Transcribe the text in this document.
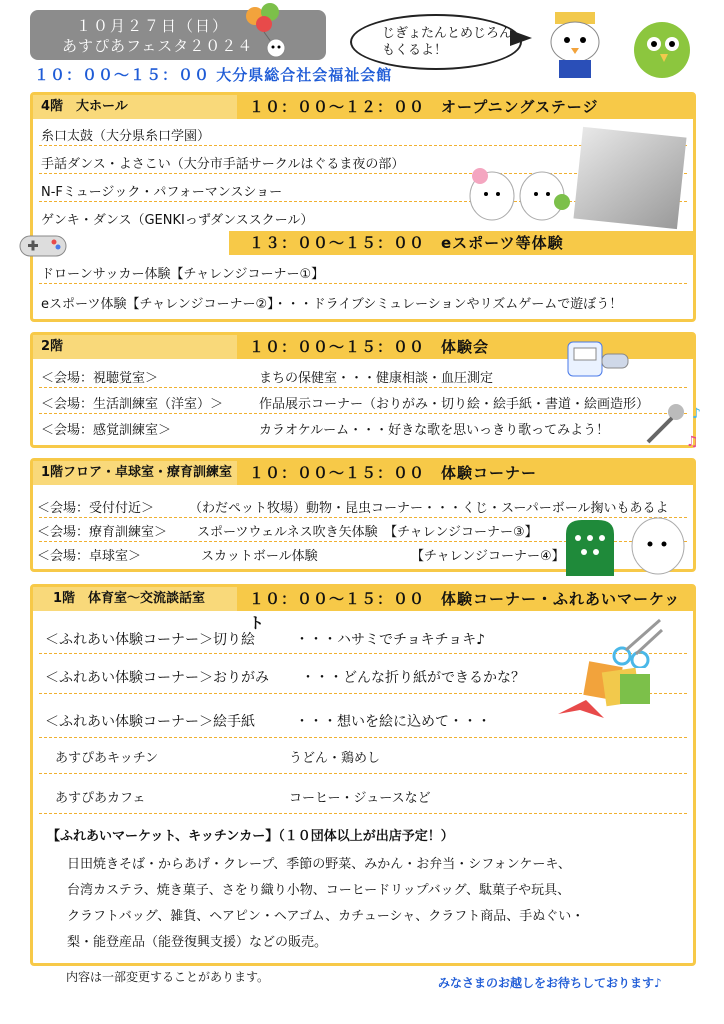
１０月２７日（日）
あすぴあフェスタ２０２４
１０：００～１５：００ 大分県総合社会福祉会館
じぎょたんとめじろん
もくるよ！
4階　大ホール	１０：００～１２：００　オープニングステージ
糸口太鼓（大分県糸口学園）
手話ダンス・よさこい（大分市手話サークルはぐるま夜の部）
N-Fミュージック・パフォーマンスショー
ゲンキ・ダンス（GENKIっずダンススクール）
１３：００～１５：００　eスポーツ等体験
ドローンサッカー体験【チャレンジコーナー①】
eスポーツ体験【チャレンジコーナー②】・・・ドライブシミュレーションやリズムゲームで遊ぼう！
2階	１０：００～１５：００　体験会
＜会場：視聴覚室＞	まちの保健室・・・健康相談・血圧測定
＜会場：生活訓練室（洋室）＞	作品展示コーナー（おりがみ・切り絵・絵手紙・書道・絵画造形）
＜会場：感覚訓練室＞	カラオケルーム・・・好きな歌を思いっきり歌ってみよう！
♪
♫
1階フロア・卓球室・療育訓練室	１０：００～１５：００　体験コーナー
＜会場：受付付近＞	（わだペット牧場）動物・昆虫コーナー・・・くじ・スーパーボール掬いもあるよ
＜会場：療育訓練室＞ スポーツウェルネス吹き矢体験　【チャレンジコーナー③】
＜会場：卓球室＞	スカットボール体験	【チャレンジコーナー④】
1階　体育室～交流談話室	１０：００～１５：００　体験コーナー・ふれあいマーケット
＜ふれあい体験コーナー＞切り絵	・・・ハサミでチョキチョキ♪
＜ふれあい体験コーナー＞おりがみ ・・・どんな折り紙ができるかな？
＜ふれあい体験コーナー＞絵手紙	・・・想いを絵に込めて・・・
あすぴあキッチン	うどん・鶏めし
あすぴあカフェ	コーヒー・ジュースなど
【ふれあいマーケット、キッチンカー】（１０団体以上が出店予定！）
日田焼きそば・からあげ・クレープ、季節の野菜、みかん・お弁当・シフォンケーキ、
台湾カステラ、焼き菓子、さをり織り小物、コーヒードリップバッグ、駄菓子や玩具、
クラフトバッグ、雑貨、ヘアピン・ヘアゴム、カチューシャ、クラフト商品、手ぬぐい・
梨・能登産品（能登復興支援）などの販売。
内容は一部変更することがあります。	みなさまのお越しをお待ちしております♪
